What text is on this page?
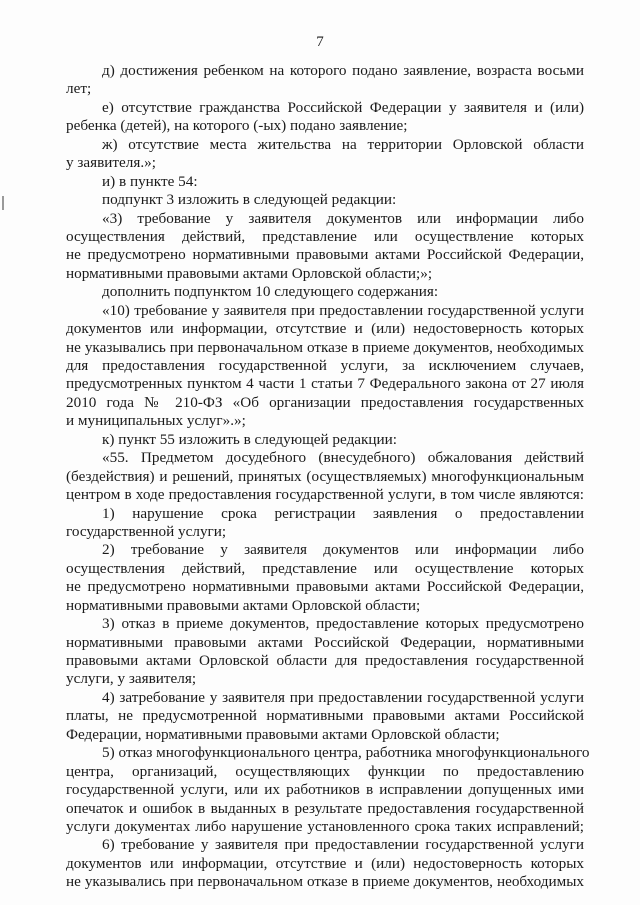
7
д) достижения ребенком на которого подано заявление, возраста восьми
лет;
е) отсутствие гражданства Российской Федерации у заявителя и (или)
ребенка (детей), на которого (-ых) подано заявление;
ж) отсутствие места жительства на территории Орловской области
у заявителя.»;
и) в пункте 54:
подпункт 3 изложить в следующей редакции:
«3) требование у заявителя документов или информации либо
осуществления действий, представление или осуществление которых
не предусмотрено нормативными правовыми актами Российской Федерации,
нормативными правовыми актами Орловской области;»;
дополнить подпунктом 10 следующего содержания:
«10) требование у заявителя при предоставлении государственной услуги
документов или информации, отсутствие и (или) недостоверность которых
не указывались при первоначальном отказе в приеме документов, необходимых
для предоставления государственной услуги, за исключением случаев,
предусмотренных пунктом 4 части 1 статьи 7 Федерального закона от 27 июля
2010 года № 210-ФЗ «Об организации предоставления государственных
и муниципальных услуг».»;
к) пункт 55 изложить в следующей редакции:
«55. Предметом досудебного (внесудебного) обжалования действий
(бездействия) и решений, принятых (осуществляемых) многофункциональным
центром в ходе предоставления государственной услуги, в том числе являются:
1) нарушение срока регистрации заявления о предоставлении
государственной услуги;
2) требование у заявителя документов или информации либо
осуществления действий, представление или осуществление которых
не предусмотрено нормативными правовыми актами Российской Федерации,
нормативными правовыми актами Орловской области;
3) отказ в приеме документов, предоставление которых предусмотрено
нормативными правовыми актами Российской Федерации, нормативными
правовыми актами Орловской области для предоставления государственной
услуги, у заявителя;
4) затребование у заявителя при предоставлении государственной услуги
платы, не предусмотренной нормативными правовыми актами Российской
Федерации, нормативными правовыми актами Орловской области;
5) отказ многофункционального центра, работника многофункционального
центра, организаций, осуществляющих функции по предоставлению
государственной услуги, или их работников в исправлении допущенных ими
опечаток и ошибок в выданных в результате предоставления государственной
услуги документах либо нарушение установленного срока таких исправлений;
6) требование у заявителя при предоставлении государственной услуги
документов или информации, отсутствие и (или) недостоверность которых
не указывались при первоначальном отказе в приеме документов, необходимых
